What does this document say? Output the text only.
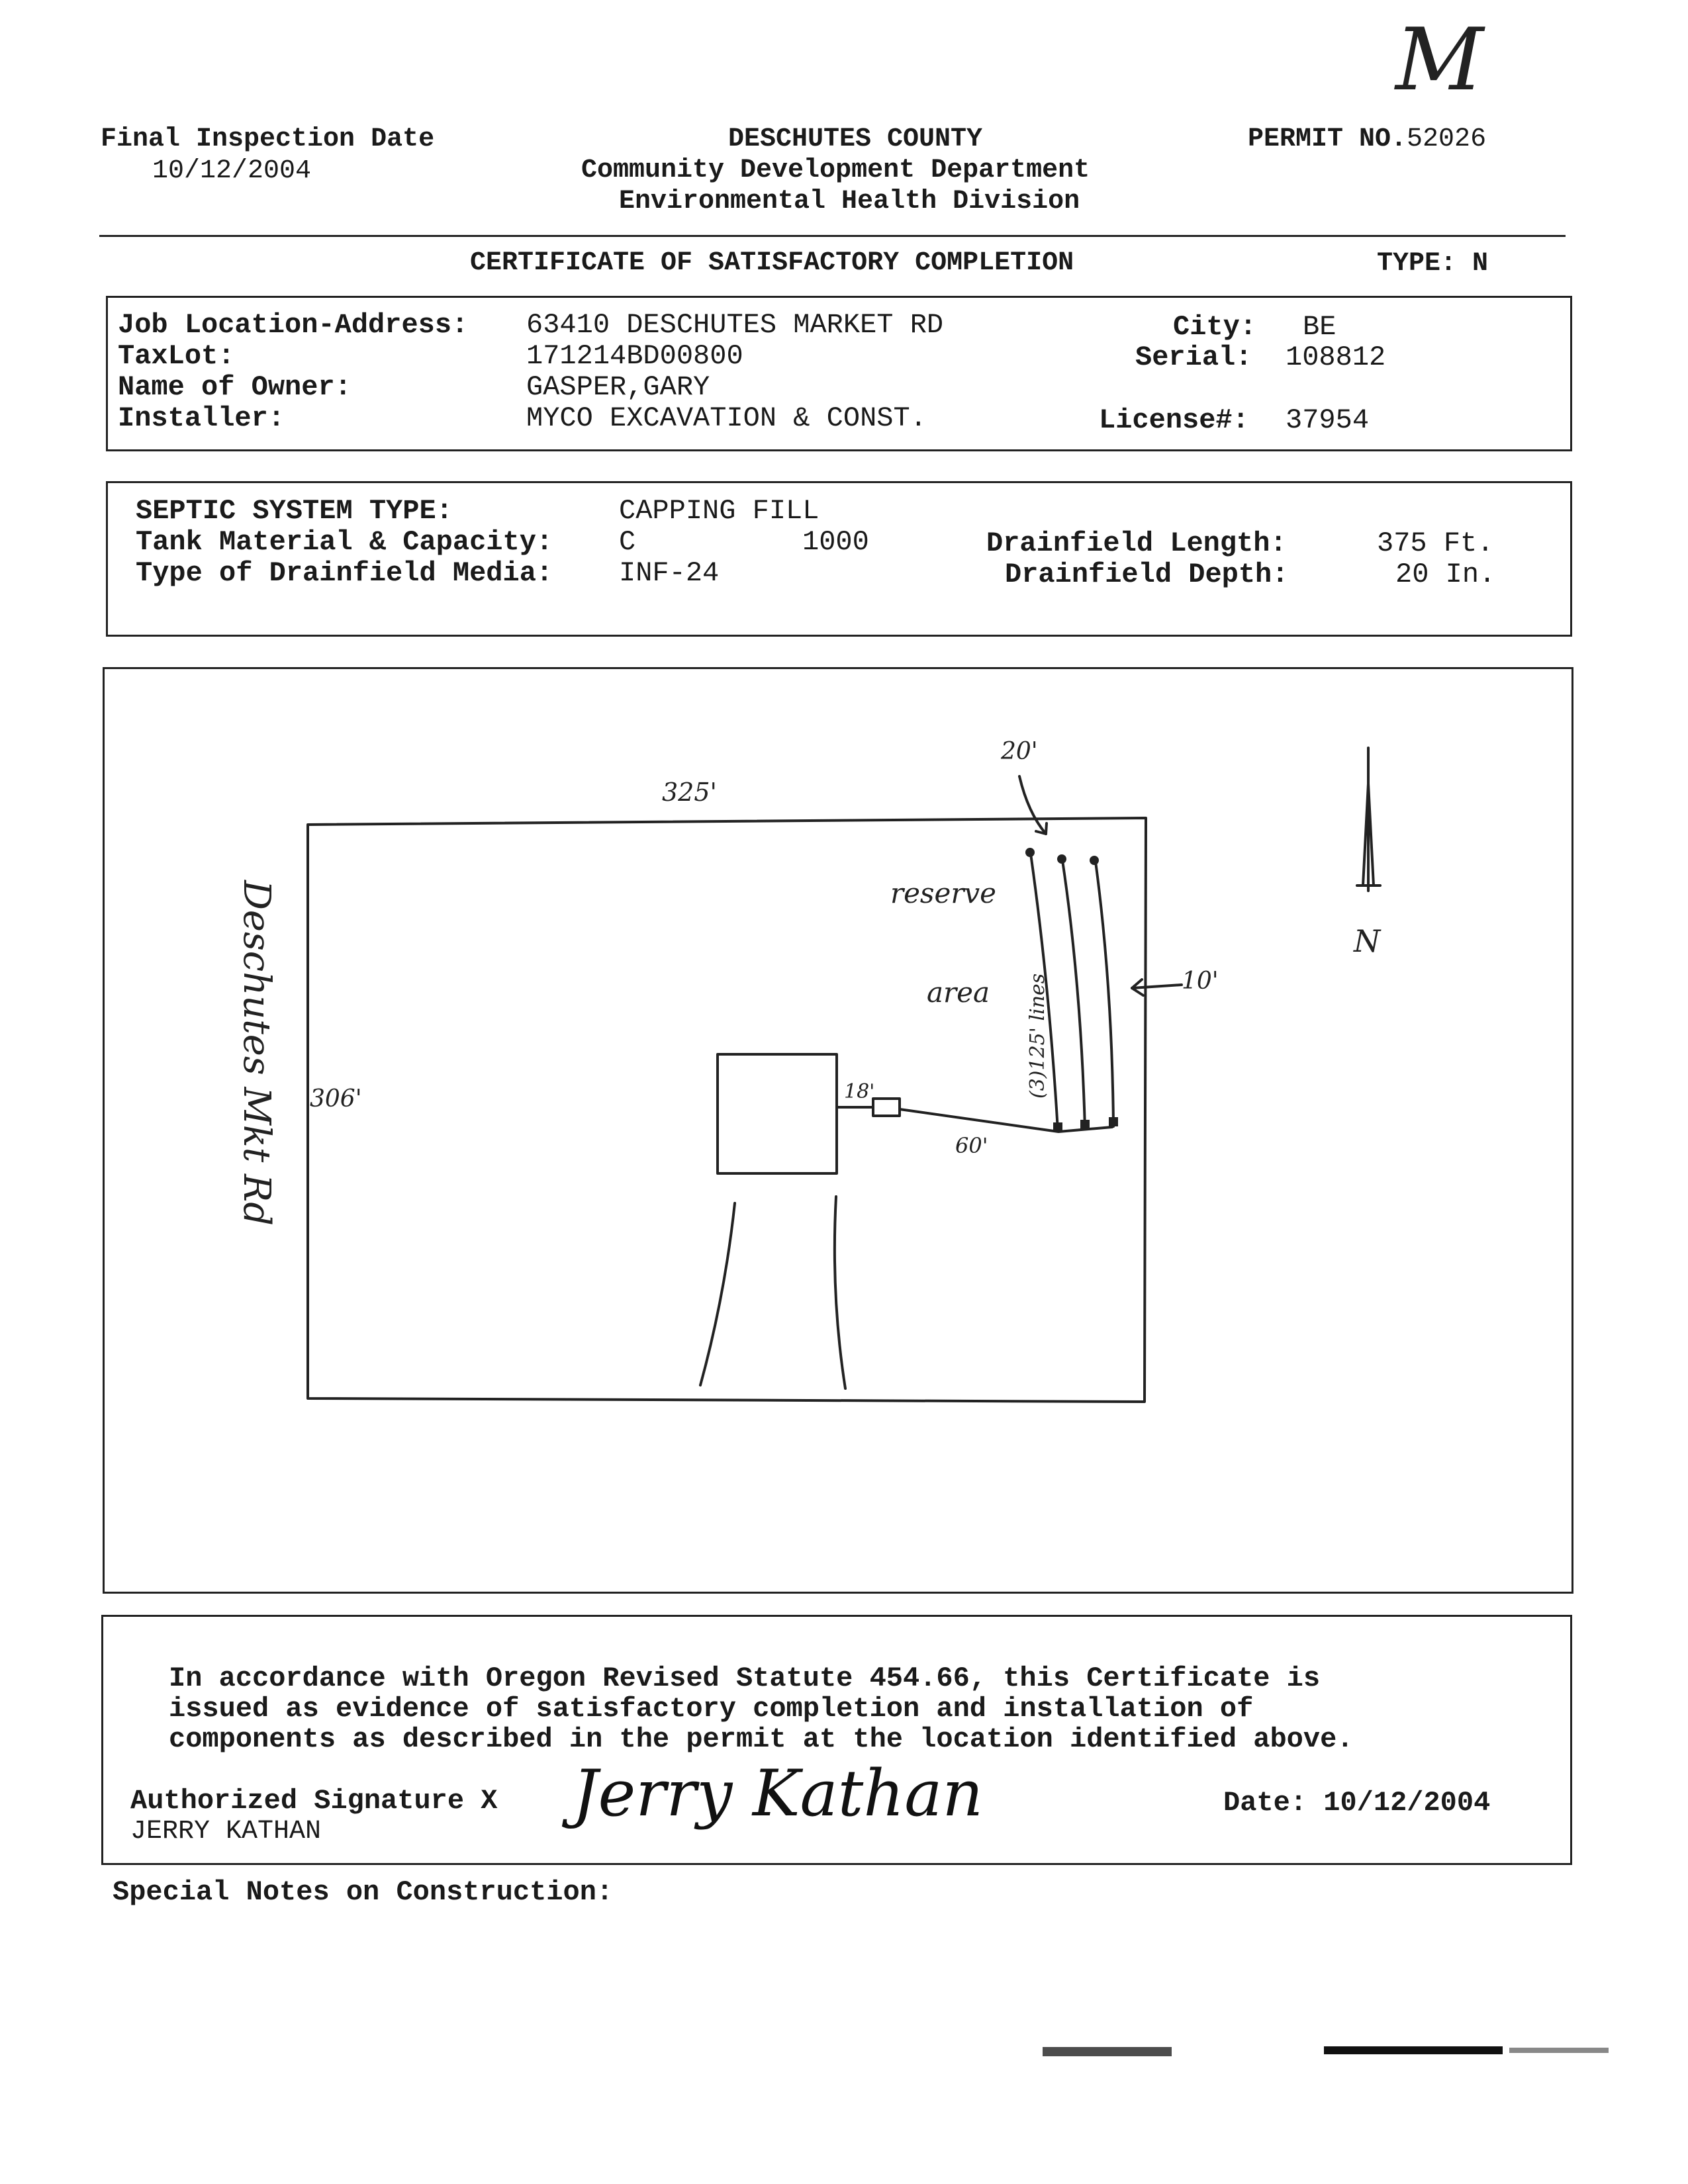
M
Final Inspection Date
10/12/2004
DESCHUTES COUNTY
Community Development Department
Environmental Health Division
PERMIT NO.52026
CERTIFICATE OF SATISFACTORY COMPLETION	TYPE: N
Job Location-Address: 63410 DESCHUTES MARKET RD	City: BE
TaxLot:	171214BD00800	Serial: 108812
Name of Owner:	GASPER,GARY
Installer:	MYCO EXCAVATION & CONST.	License#: 37954
SEPTIC SYSTEM TYPE:	CAPPING FILL
Tank Material & Capacity: C	1000	Drainfield Length:	375 Ft.
Type of Drainfield Media: INF-24	Drainfield Depth:	20 In.
325'
306'
Deschutes Mkt Rd
20'
reserve
area (3)125' lines	10'
18'
60'
N
In accordance with Oregon Revised Statute 454.66, this Certificate is
issued as evidence of satisfactory completion and installation of
components as described in the permit at the location identified above.
Authorized Signature X Jerry Kathan
JERRY KATHAN
Date: 10/12/2004
Special Notes on Construction:
